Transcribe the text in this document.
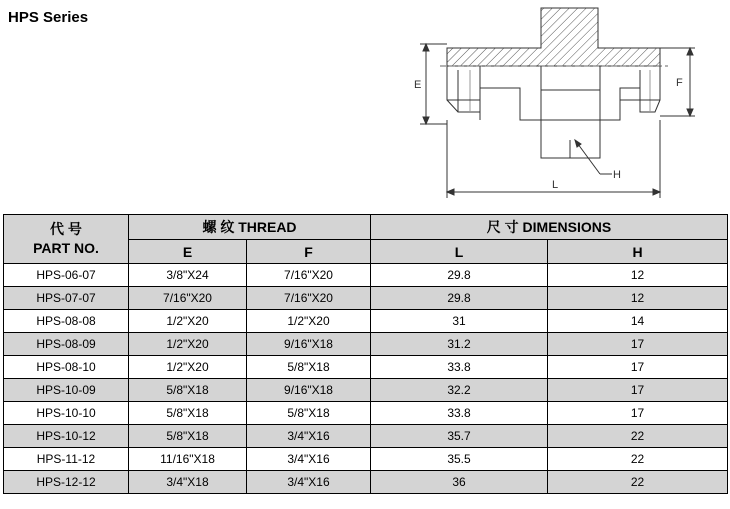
HPS Series
E	F
L
H
代 号
PART NO.	螺 纹 THREAD		尺 寸 DIMENSIONS	
	E	F	L	H
HPS-06-07	3/8"X24	7/16"X20	29.8	12
HPS-07-07	7/16"X20	7/16"X20	29.8	12
HPS-08-08	1/2"X20	1/2"X20	31	14
HPS-08-09	1/2"X20	9/16"X18	31.2	17
HPS-08-10	1/2"X20	5/8"X18	33.8	17
HPS-10-09	5/8"X18	9/16"X18	32.2	17
HPS-10-10	5/8"X18	5/8"X18	33.8	17
HPS-10-12	5/8"X18	3/4"X16	35.7	22
HPS-11-12	11/16"X18	3/4"X16	35.5	22
HPS-12-12	3/4"X18	3/4"X16	36	22
